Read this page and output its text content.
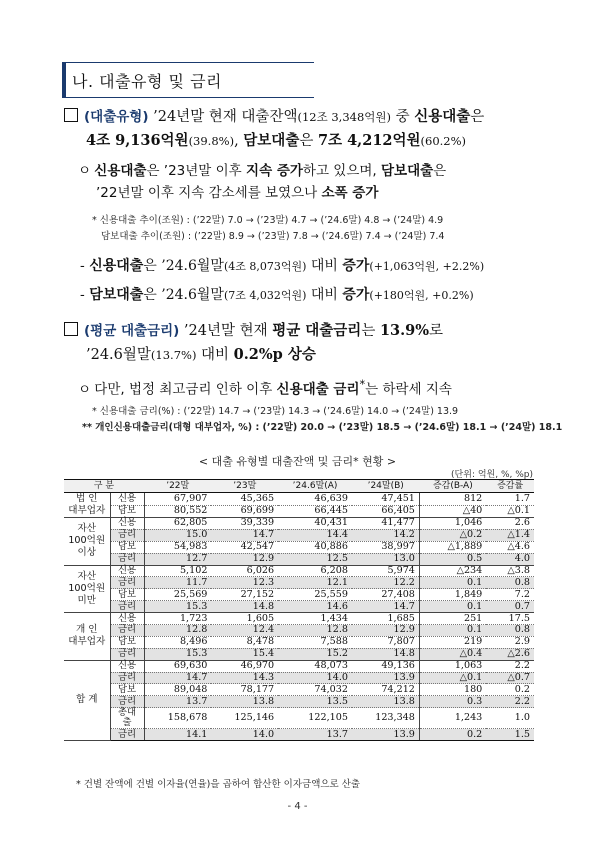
나. 대출유형 및 금리
(대출유형) ’24년말 현재 대출잔액(12조 3,348억원) 중 신용대출은
4조 9,136억원(39.8%), 담보대출은 7조 4,212억원(60.2%)
ㅇ 신용대출은 ’23년말 이후 지속 증가하고 있으며, 담보대출은
’22년말 이후 지속 감소세를 보였으나 소폭 증가
* 신용대출 추이(조원) : (’22말) 7.0 → (’23말) 4.7 → (’24.6말) 4.8 → (’24말) 4.9
담보대출 추이(조원) : (’22말) 8.9 → (’23말) 7.8 → (’24.6말) 7.4 → (’24말) 7.4
- 신용대출은 ’24.6월말(4조 8,073억원) 대비 증가(+1,063억원, +2.2%)
- 담보대출은 ’24.6월말(7조 4,032억원) 대비 증가(+180억원, +0.2%)
(평균 대출금리) ’24년말 현재 평균 대출금리는 13.9%로
’24.6월말(13.7%) 대비 0.2%p 상승
ㅇ 다만, 법정 최고금리 인하 이후 신용대출 금리*는 하락세 지속
* 신용대출 금리(%) : (’22말) 14.7 → (’23말) 14.3 → (’24.6말) 14.0 → (’24말) 13.9
** 개인신용대출금리(대형 대부업자, %) : (’22말) 20.0 → (’23말) 18.5 → (’24.6말) 18.1 → (’24말) 18.1
< 대출 유형별 대출잔액 및 금리* 현황 >
(단위: 억원, %, %p)
구 분		’22말	’23말	’24.6말(A)	’24말(B)	증감(B-A)	증감률
법 인
대부업자	신용	67,907	45,365	46,639	47,451	812	1.7
	담보	80,552	69,699	66,445	66,405	△40	△0.1
자산
100억원
이상	신용	62,805	39,339	40,431	41,477	1,046	2.6
	금리	15.0	14.7	14.4	14.2	△0.2	△1.4
	담보	54,983	42,547	40,886	38,997	△1,889	△4.6
	금리	12.7	12.9	12.5	13.0	0.5	4.0
자산
100억원
미만	신용	5,102	6,026	6,208	5,974	△234	△3.8
	금리	11.7	12.3	12.1	12.2	0.1	0.8
	담보	25,569	27,152	25,559	27,408	1,849	7.2
	금리	15.3	14.8	14.6	14.7	0.1	0.7
개 인
대부업자	신용	1,723	1,605	1,434	1,685	251	17.5
	금리	12.8	12.4	12.8	12.9	0.1	0.8
	담보	8,496	8,478	7,588	7,807	219	2.9
	금리	15.3	15.4	15.2	14.8	△0.4	△2.6
합 계	신용	69,630	46,970	48,073	49,136	1,063	2.2
	금리	14.7	14.3	14.0	13.9	△0.1	△0.7
	담보	89,048	78,177	74,032	74,212	180	0.2
	금리	13.7	13.8	13.5	13.8	0.3	2.2
	총대출	158,678	125,146	122,105	123,348	1,243	1.0
	금리	14.1	14.0	13.7	13.9	0.2	1.5
* 건별 잔액에 건별 이자율(연율)을 곱하여 합산한 이자금액으로 산출
- 4 -
